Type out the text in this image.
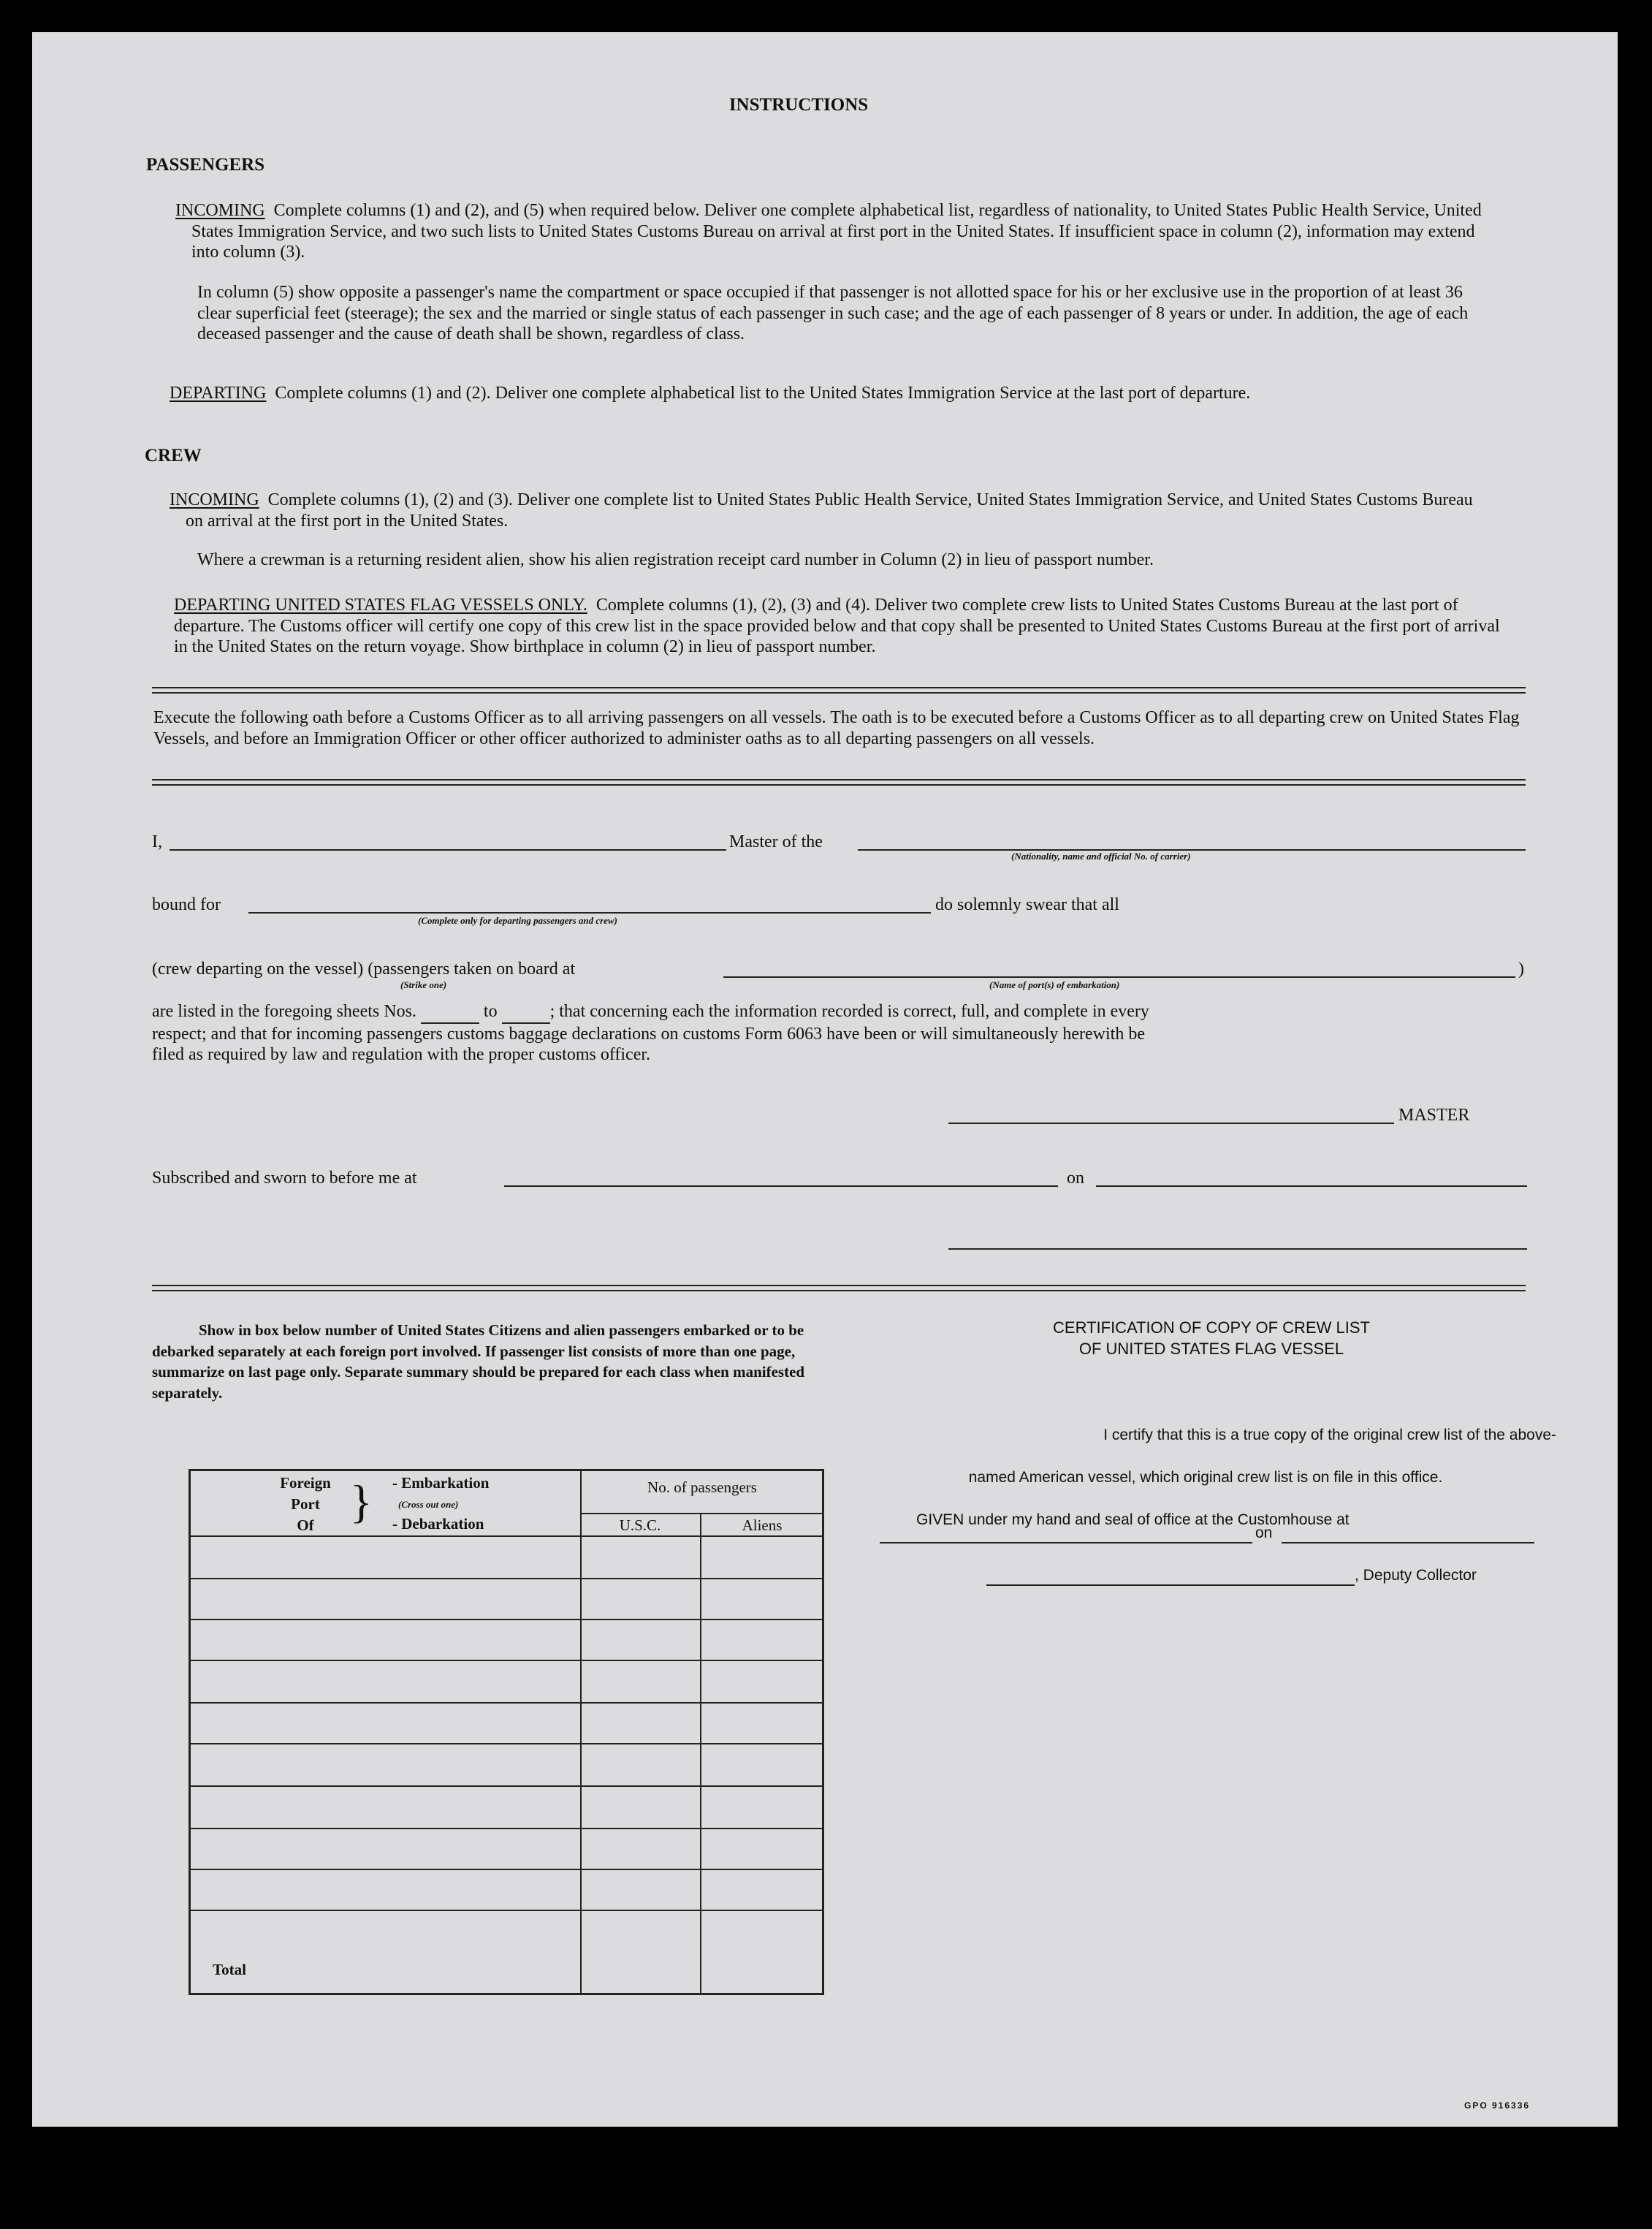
INSTRUCTIONS
PASSENGERS
INCOMING Complete columns (1) and (2), and (5) when required below. Deliver one complete alphabetical list, regardless of nationality, to United States Public Health Service, United States Immigration Service, and two such lists to United States Customs Bureau on arrival at first port in the United States. If insufficient space in column (2), information may extend into column (3).
In column (5) show opposite a passenger's name the compartment or space occupied if that passenger is not allotted space for his or her exclusive use in the proportion of at least 36 clear superficial feet (steerage); the sex and the married or single status of each passenger in such case; and the age of each passenger of 8 years or under. In addition, the age of each deceased passenger and the cause of death shall be shown, regardless of class.
DEPARTING Complete columns (1) and (2). Deliver one complete alphabetical list to the United States Immigration Service at the last port of departure.
CREW
INCOMING Complete columns (1), (2) and (3). Deliver one complete list to United States Public Health Service, United States Immigration Service, and United States Customs Bureau on arrival at the first port in the United States.
Where a crewman is a returning resident alien, show his alien registration receipt card number in Column (2) in lieu of passport number.
DEPARTING UNITED STATES FLAG VESSELS ONLY. Complete columns (1), (2), (3) and (4). Deliver two complete crew lists to United States Customs Bureau at the last port of departure. The Customs officer will certify one copy of this crew list in the space provided below and that copy shall be presented to United States Customs Bureau at the first port of arrival in the United States on the return voyage. Show birthplace in column (2) in lieu of passport number.
Execute the following oath before a Customs Officer as to all arriving passengers on all vessels. The oath is to be executed before a Customs Officer as to all departing crew on United States Flag Vessels, and before an Immigration Officer or other officer authorized to administer oaths as to all departing passengers on all vessels.
I,	Master of the
(Nationality, name and official No. of carrier)
bound for
(Complete only for departing passengers and crew)
do solemnly swear that all
(crew departing on the vessel) (passengers taken on board at
(Strike one)
)
(Name of port(s) of embarkation)
are listed in the foregoing sheets Nos.	to	; that concerning each the information recorded is correct, full, and complete in every
respect; and that for incoming passengers customs baggage declarations on customs Form 6063 have been or will simultaneously herewith be
filed as required by law and regulation with the proper customs officer.
MASTER
Subscribed and sworn to before me at	on
Show in box below number of United States Citizens and alien passengers embarked or to be debarked separately at each foreign port involved. If passenger list consists of more than one page, summarize on last page only. Separate summary should be prepared for each class when manifested separately.
Foreign
Port
Of } - Embarkation
(Cross out one)
- Debarkation
No. of passengers
U.S.C.	Aliens
Total
CERTIFICATION OF COPY OF CREW LIST
OF UNITED STATES FLAG VESSEL
I certify that this is a true copy of the original crew list of the above-
named American vessel, which original crew list is on file in this office.
GIVEN under my hand and seal of office at the Customhouse at
on
, Deputy Collector
GPO 916336
